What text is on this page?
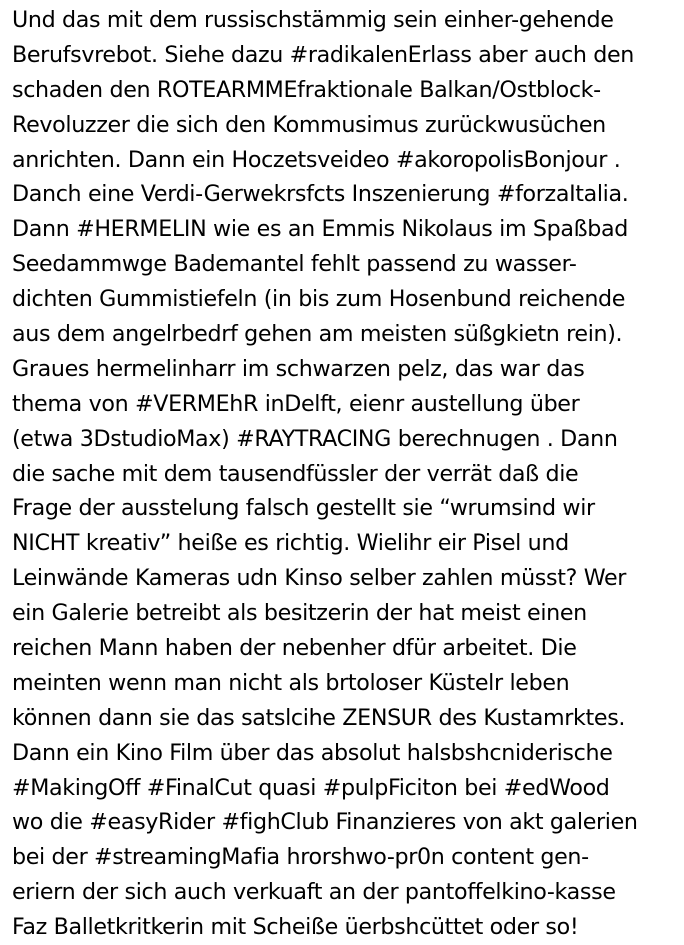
Und das mit dem russischstämmig sein einher-gehende
Berufsvrebot. Siehe dazu #radikalenErlass aber auch den
schaden den ROTEARMMEfraktionale Balkan/Ostblock-
Revoluzzer die sich den Kommusimus zurückwusüchen
anrichten. Dann ein Hoczetsveideo #akoropolisBonjour .
Danch eine Verdi-Gerwekrsfcts Inszenierung #forzaItalia.
Dann #HERMELIN wie es an Emmis Nikolaus im Spaßbad
Seedammwge Bademantel fehlt passend zu wasser-
dichten Gummistiefeln (in bis zum Hosenbund reichende
aus dem angelrbedrf gehen am meisten süßgkietn rein).
Graues hermelinharr im schwarzen pelz, das war das
thema von #VERMEhR inDelft, eienr austellung über
(etwa 3DstudioMax) #RAYTRACING berechnugen . Dann
die sache mit dem tausendfüssler der verrät daß die
Frage der ausstelung falsch gestellt sie “wrumsind wir
NICHT kreativ” heiße es richtig. Wielihr eir Pisel und
Leinwände Kameras udn Kinso selber zahlen müsst? Wer
ein Galerie betreibt als besitzerin der hat meist einen
reichen Mann haben der nebenher dfür arbeitet. Die
meinten wenn man nicht als brtoloser Küstelr leben
können dann sie das satslcihe ZENSUR des Kustamrktes.
Dann ein Kino Film über das absolut halsbshcniderische
#MakingOff #FinalCut quasi #pulpFiciton bei #edWood
wo die #easyRider #fighClub Finanzieres von akt galerien
bei der #streamingMafia hrorshwo-pr0n content gen-
eriern der sich auch verkuaft an der pantoffelkino-kasse
Faz Balletkritkerin mit Scheiße üerbshcüttet oder so!
